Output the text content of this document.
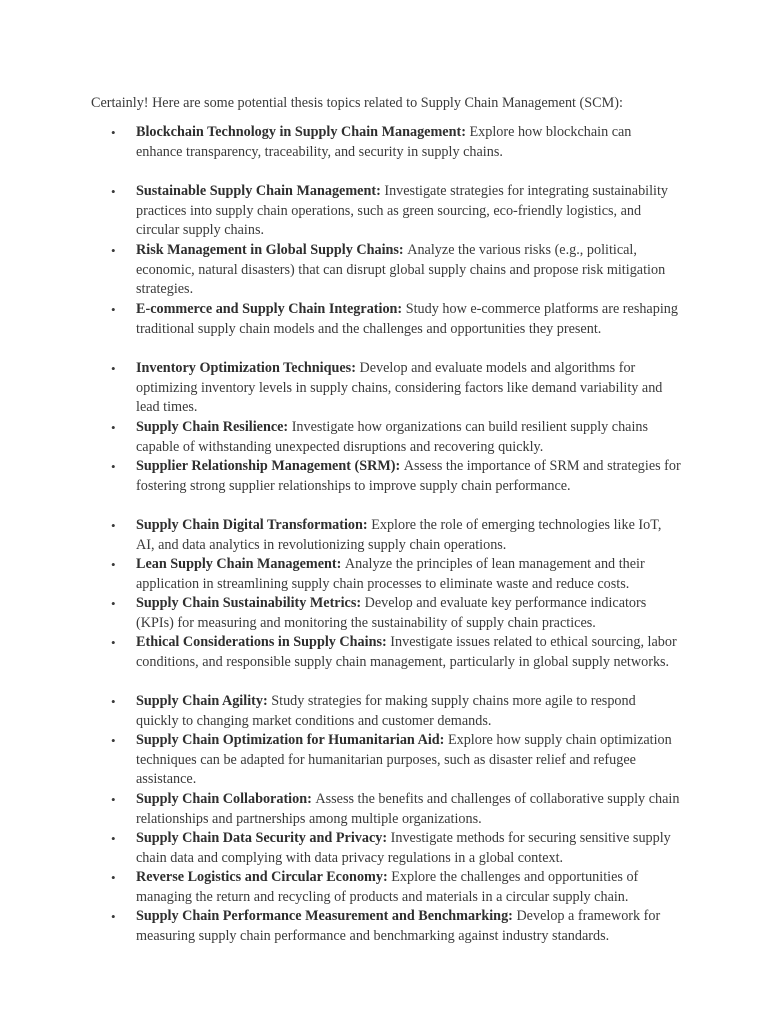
Certainly! Here are some potential thesis topics related to Supply Chain Management (SCM):
• Blockchain Technology in Supply Chain Management: Explore how blockchain can enhance transparency, traceability, and security in supply chains.
• Sustainable Supply Chain Management: Investigate strategies for integrating sustainability practices into supply chain operations, such as green sourcing, eco-friendly logistics, and circular supply chains.
• Risk Management in Global Supply Chains: Analyze the various risks (e.g., political, economic, natural disasters) that can disrupt global supply chains and propose risk mitigation strategies.
• E-commerce and Supply Chain Integration: Study how e-commerce platforms are reshaping traditional supply chain models and the challenges and opportunities they present.
• Inventory Optimization Techniques: Develop and evaluate models and algorithms for optimizing inventory levels in supply chains, considering factors like demand variability and lead times.
• Supply Chain Resilience: Investigate how organizations can build resilient supply chains capable of withstanding unexpected disruptions and recovering quickly.
• Supplier Relationship Management (SRM): Assess the importance of SRM and strategies for fostering strong supplier relationships to improve supply chain performance.
• Supply Chain Digital Transformation: Explore the role of emerging technologies like IoT, AI, and data analytics in revolutionizing supply chain operations.
• Lean Supply Chain Management: Analyze the principles of lean management and their application in streamlining supply chain processes to eliminate waste and reduce costs.
• Supply Chain Sustainability Metrics: Develop and evaluate key performance indicators (KPIs) for measuring and monitoring the sustainability of supply chain practices.
• Ethical Considerations in Supply Chains: Investigate issues related to ethical sourcing, labor conditions, and responsible supply chain management, particularly in global supply networks.
• Supply Chain Agility: Study strategies for making supply chains more agile to respond quickly to changing market conditions and customer demands.
• Supply Chain Optimization for Humanitarian Aid: Explore how supply chain optimization techniques can be adapted for humanitarian purposes, such as disaster relief and refugee assistance.
• Supply Chain Collaboration: Assess the benefits and challenges of collaborative supply chain relationships and partnerships among multiple organizations.
• Supply Chain Data Security and Privacy: Investigate methods for securing sensitive supply chain data and complying with data privacy regulations in a global context.
• Reverse Logistics and Circular Economy: Explore the challenges and opportunities of managing the return and recycling of products and materials in a circular supply chain.
• Supply Chain Performance Measurement and Benchmarking: Develop a framework for measuring supply chain performance and benchmarking against industry standards.
